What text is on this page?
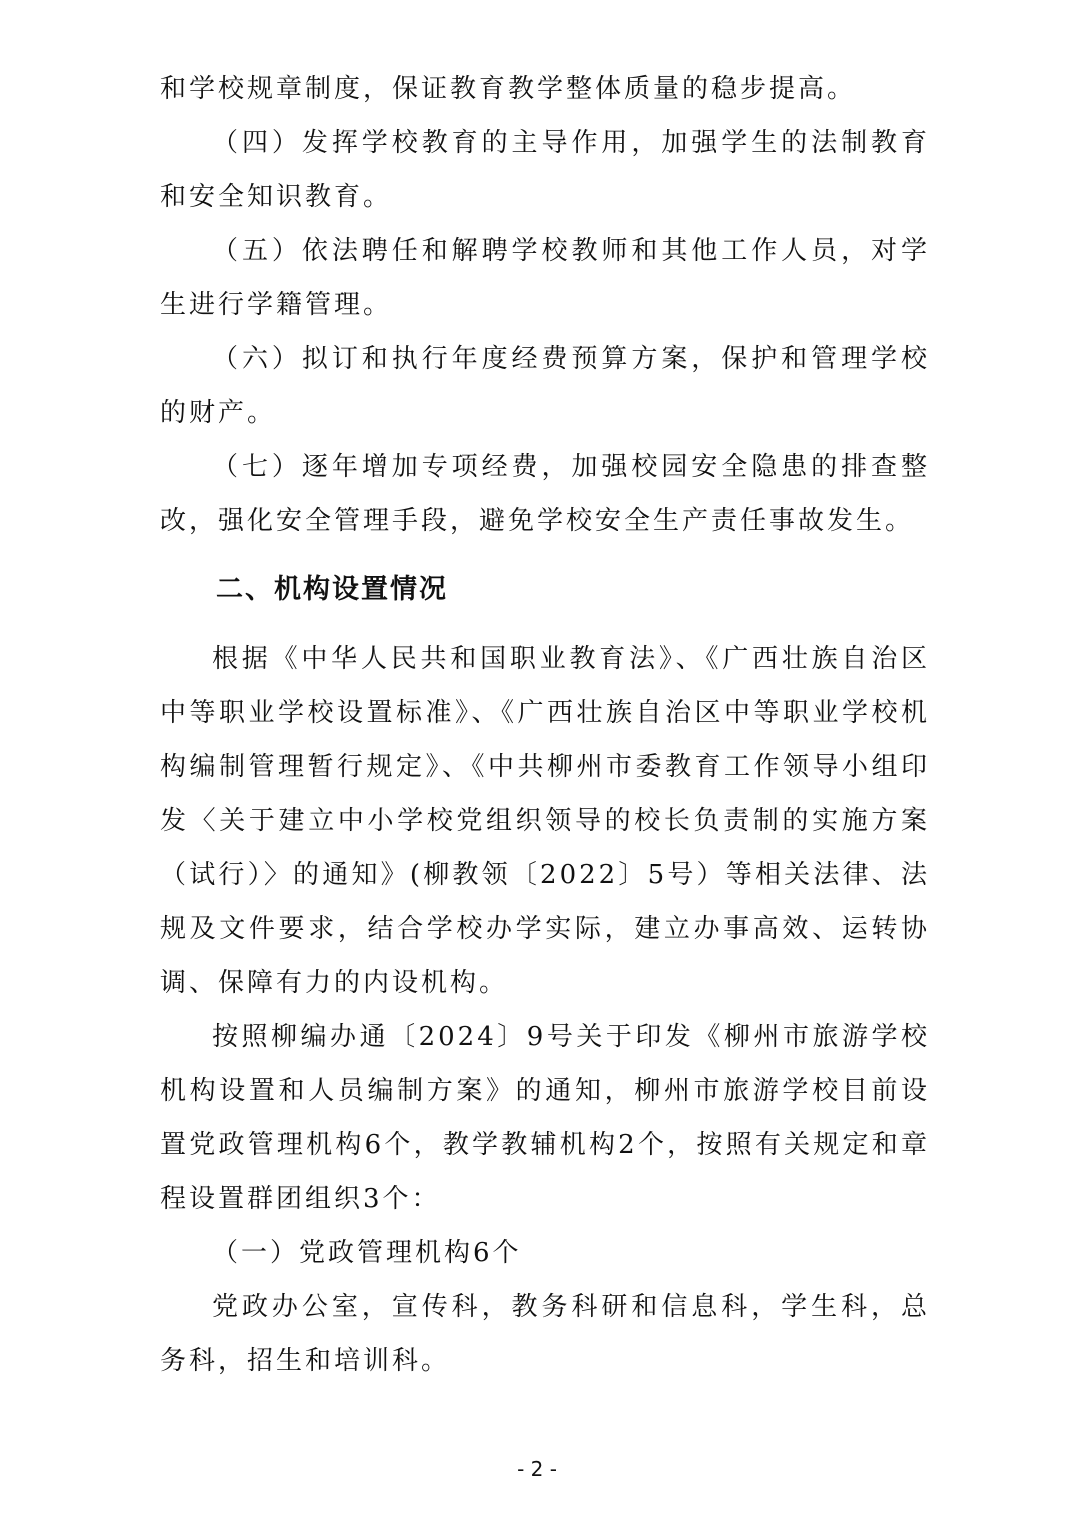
和学校规章制度，保证教育教学整体质量的稳步提高。

（四）发挥学校教育的主导作用，加强学生的法制教育和安全知识教育。

（五）依法聘任和解聘学校教师和其他工作人员，对学生进行学籍管理。

（六）拟订和执行年度经费预算方案，保护和管理学校的财产。

（七）逐年增加专项经费，加强校园安全隐患的排查整改，强化安全管理手段，避免学校安全生产责任事故发生。

二、机构设置情况

根据《中华人民共和国职业教育法》、《广西壮族自治区中等职业学校设置标准》、《广西壮族自治区中等职业学校机构编制管理暂行规定》、《中共柳州市委教育工作领导小组印发〈关于建立中小学校党组织领导的校长负责制的实施方案（试行）〉的通知》(柳教领〔2022〕5号）等相关法律、法规及文件要求，结合学校办学实际，建立办事高效、运转协调、保障有力的内设机构。

按照柳编办通〔2024〕9号关于印发《柳州市旅游学校机构设置和人员编制方案》的通知，柳州市旅游学校目前设置党政管理机构6个，教学教辅机构2个，按照有关规定和章程设置群团组织3个：

（一）党政管理机构6个

党政办公室，宣传科，教务科研和信息科，学生科，总务科，招生和培训科。

- 2 -
